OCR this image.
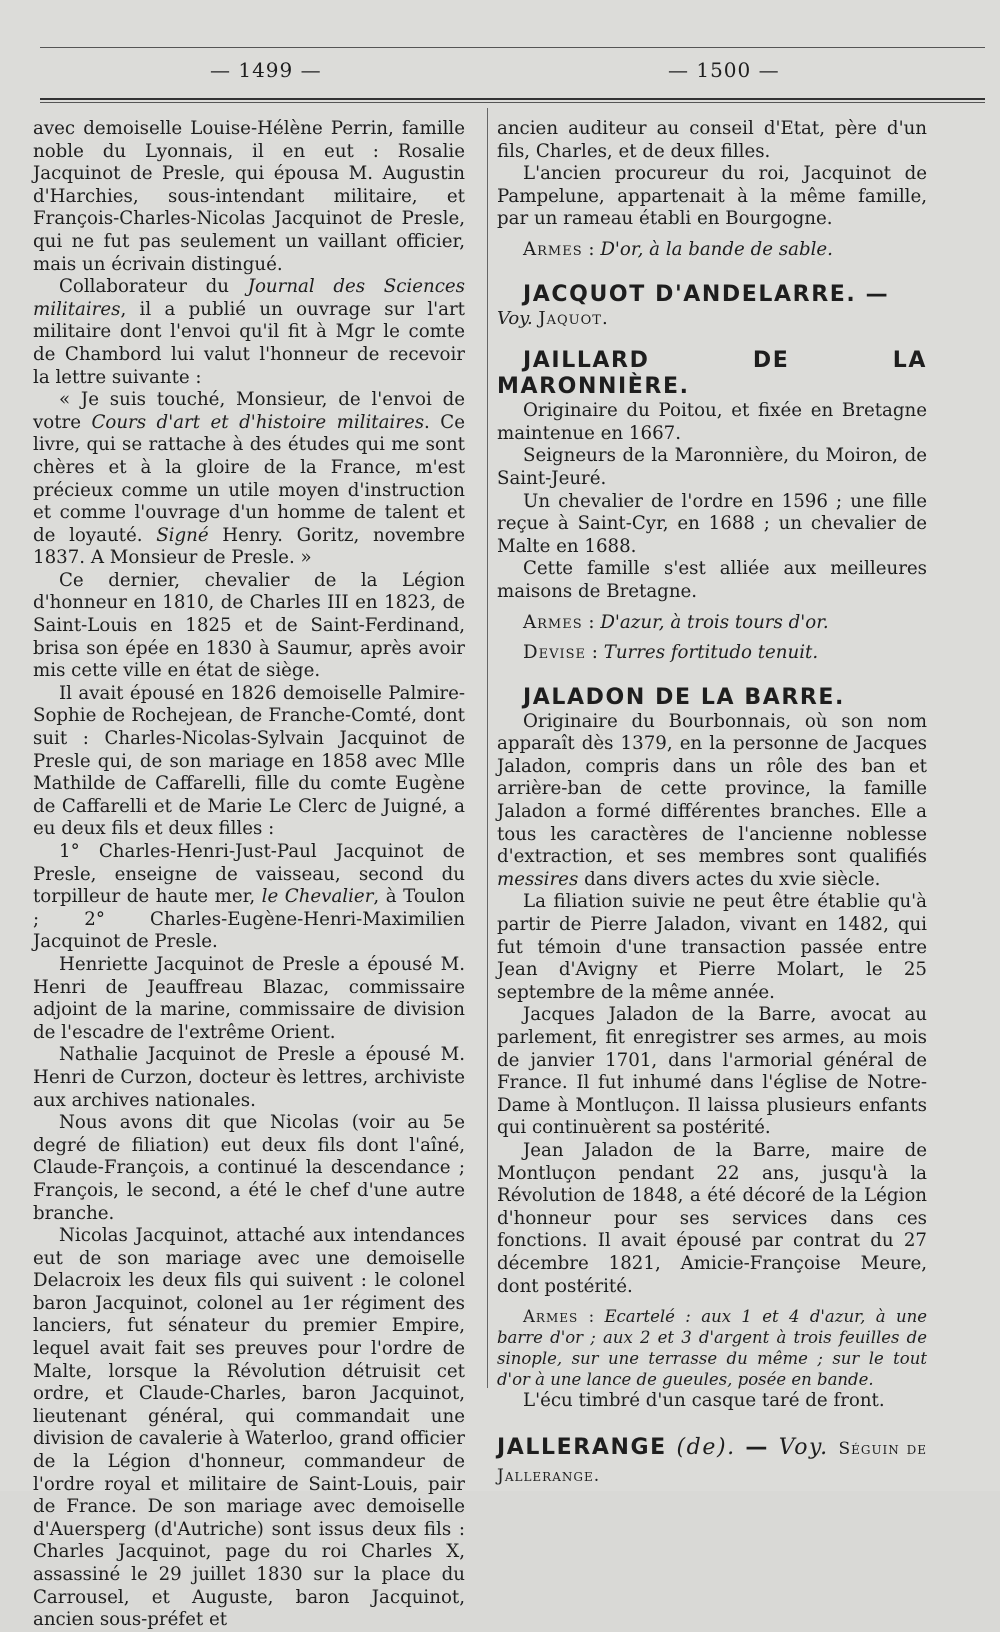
— 1499 —	— 1500 —

avec demoiselle Louise-Hélène Perrin, famille noble du Lyonnais, il en eut : Rosalie Jacquinot de Presle, qui épousa M. Augustin d'Harchies, sous-intendant militaire, et François-Charles-Nicolas Jacquinot de Presle, qui ne fut pas seulement un vaillant officier, mais un écrivain distingué.

Collaborateur du Journal des Sciences militaires, il a publié un ouvrage sur l'art militaire dont l'envoi qu'il fit à Mgr le comte de Chambord lui valut l'honneur de recevoir la lettre suivante :

« Je suis touché, Monsieur, de l'envoi de votre Cours d'art et d'histoire militaires. Ce livre, qui se rattache à des études qui me sont chères et à la gloire de la France, m'est précieux comme un utile moyen d'instruction et comme l'ouvrage d'un homme de talent et de loyauté. Signé Henry. Goritz, novembre 1837. A Monsieur de Presle. »

Ce dernier, chevalier de la Légion d'honneur en 1810, de Charles III en 1823, de Saint-Louis en 1825 et de Saint-Ferdinand, brisa son épée en 1830 à Saumur, après avoir mis cette ville en état de siège.

Il avait épousé en 1826 demoiselle Palmire-Sophie de Rochejean, de Franche-Comté, dont suit : Charles-Nicolas-Sylvain Jacquinot de Presle qui, de son mariage en 1858 avec Mlle Mathilde de Caffarelli, fille du comte Eugène de Caffarelli et de Marie Le Clerc de Juigné, a eu deux fils et deux filles :

1° Charles-Henri-Just-Paul Jacquinot de Presle, enseigne de vaisseau, second du torpilleur de haute mer, le Chevalier, à Toulon ; 2° Charles-Eugène-Henri-Maximilien Jacquinot de Presle.

Henriette Jacquinot de Presle a épousé M. Henri de Jeauffreau Blazac, commissaire adjoint de la marine, commissaire de division de l'escadre de l'extrême Orient.

Nathalie Jacquinot de Presle a épousé M. Henri de Curzon, docteur ès lettres, archiviste aux archives nationales.

Nous avons dit que Nicolas (voir au 5e degré de filiation) eut deux fils dont l'aîné, Claude-François, a continué la descendance ; François, le second, a été le chef d'une autre branche.

Nicolas Jacquinot, attaché aux intendances eut de son mariage avec une demoiselle Delacroix les deux fils qui suivent : le colonel baron Jacquinot, colonel au 1er régiment des lanciers, fut sénateur du premier Empire, lequel avait fait ses preuves pour l'ordre de Malte, lorsque la Révolution détruisit cet ordre, et Claude-Charles, baron Jacquinot, lieutenant général, qui commandait une division de cavalerie à Waterloo, grand officier de la Légion d'honneur, commandeur de l'ordre royal et militaire de Saint-Louis, pair de France. De son mariage avec demoiselle d'Auersperg (d'Autriche) sont issus deux fils : Charles Jacquinot, page du roi Charles X, assassiné le 29 juillet 1830 sur la place du Carrousel, et Auguste, baron Jacquinot, ancien sous-préfet et

ancien auditeur au conseil d'Etat, père d'un fils, Charles, et de deux filles.

L'ancien procureur du roi, Jacquinot de Pampelune, appartenait à la même famille, par un rameau établi en Bourgogne.

Armes : D'or, à la bande de sable.

JACQUOT D'ANDELARRE. —

Voy. Jaquot.

JAILLARD DE LA MARONNIÈRE.

Originaire du Poitou, et fixée en Bretagne maintenue en 1667.

Seigneurs de la Maronnière, du Moiron, de Saint-Jeuré.

Un chevalier de l'ordre en 1596 ; une fille reçue à Saint-Cyr, en 1688 ; un chevalier de Malte en 1688.

Cette famille s'est alliée aux meilleures maisons de Bretagne.

Armes : D'azur, à trois tours d'or.

Devise : Turres fortitudo tenuit.

JALADON DE LA BARRE.

Originaire du Bourbonnais, où son nom apparaît dès 1379, en la personne de Jacques Jaladon, compris dans un rôle des ban et arrière-ban de cette province, la famille Jaladon a formé différentes branches. Elle a tous les caractères de l'ancienne noblesse d'extraction, et ses membres sont qualifiés messires dans divers actes du xvie siècle.

La filiation suivie ne peut être établie qu'à partir de Pierre Jaladon, vivant en 1482, qui fut témoin d'une transaction passée entre Jean d'Avigny et Pierre Molart, le 25 septembre de la même année.

Jacques Jaladon de la Barre, avocat au parlement, fit enregistrer ses armes, au mois de janvier 1701, dans l'armorial général de France. Il fut inhumé dans l'église de Notre-Dame à Montluçon. Il laissa plusieurs enfants qui continuèrent sa postérité.

Jean Jaladon de la Barre, maire de Montluçon pendant 22 ans, jusqu'à la Révolution de 1848, a été décoré de la Légion d'honneur pour ses services dans ces fonctions. Il avait épousé par contrat du 27 décembre 1821, Amicie-Françoise Meure, dont postérité.

Armes : Ecartelé : aux 1 et 4 d'azur, à une barre d'or ; aux 2 et 3 d'argent à trois feuilles de sinople, sur une terrasse du même ; sur le tout d'or à une lance de gueules, posée en bande.

L'écu timbré d'un casque taré de front.

JALLERANGE (de). — Voy. Séguin de Jallerange.
